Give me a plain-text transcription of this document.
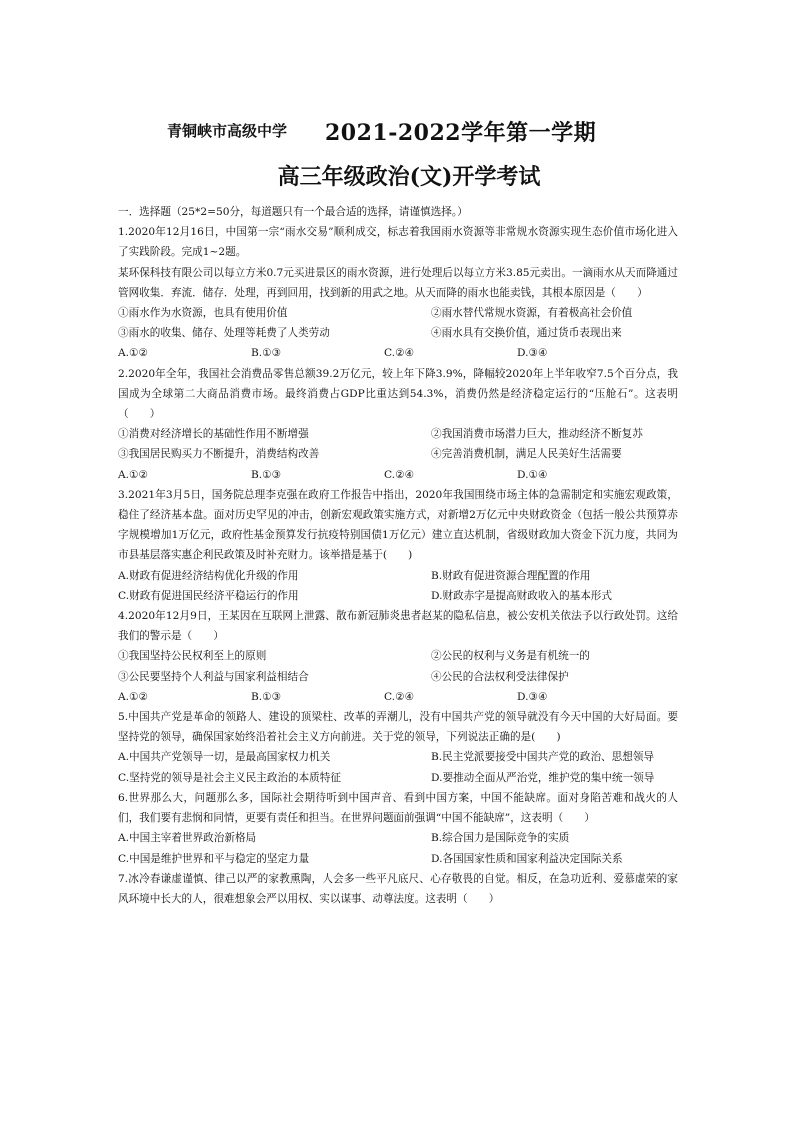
青铜峡市高级中学 2021-2022学年第一学期
高三年级政治(文)开学考试
一．选择题（25*2=50分，每道题只有一个最合适的选择，请谨慎选择。）
1.2020年12月16日，中国第一宗“雨水交易”顺利成交，标志着我国雨水资源等非常规水资源实现生态价值市场化进入了实践阶段。完成1~2题。
某环保科技有限公司以每立方米0.7元买进景区的雨水资源，进行处理后以每立方米3.85元卖出。一滴雨水从天而降通过管网收集．弃流．储存．处理，再到回用，找到新的用武之地。从天而降的雨水也能卖钱，其根本原因是（　　）
①雨水作为水资源，也具有使用价值	②雨水替代常规水资源，有着极高社会价值
③雨水的收集、储存、处理等耗费了人类劳动	④雨水具有交换价值，通过货币表现出来
A.①②	B.①③	C.②④	D.③④
2.2020年全年，我国社会消费品零售总额39.2万亿元，较上年下降3.9%，降幅较2020年上半年收窄7.5个百分点，我国成为全球第二大商品消费市场。最终消费占GDP比重达到54.3%，消费仍然是经济稳定运行的“压舱石”。这表明（　　）
①消费对经济增长的基础性作用不断增强	②我国消费市场潜力巨大，推动经济不断复苏
③我国居民购买力不断提升，消费结构改善	④完善消费机制，满足人民美好生活需要
A.①②	B.①③	C.②④	D.①④
3.2021年3月5日，国务院总理李克强在政府工作报告中指出，2020年我国围绕市场主体的急需制定和实施宏观政策，稳住了经济基本盘。面对历史罕见的冲击，创新宏观政策实施方式，对新增2万亿元中央财政资金（包括一般公共预算赤字规模增加1万亿元，政府性基金预算发行抗疫特别国债1万亿元）建立直达机制，省级财政加大资金下沉力度，共同为市县基层落实惠企利民政策及时补充财力。该举措是基于(　　)
A.财政有促进经济结构优化升级的作用	B.财政有促进资源合理配置的作用
C.财政有促进国民经济平稳运行的作用	D.财政赤字是提高财政收入的基本形式
4.2020年12月9日，王某因在互联网上泄露、散布新冠肺炎患者赵某的隐私信息，被公安机关依法予以行政处罚。这给我们的警示是（　　）
①我国坚持公民权利至上的原则	②公民的权利与义务是有机统一的
③公民要坚持个人利益与国家利益相结合	④公民的合法权利受法律保护
A.①②	B.①③	C.②④	D.③④
5.中国共产党是革命的领路人、建设的顶梁柱、改革的弄潮儿，没有中国共产党的领导就没有今天中国的大好局面。要坚持党的领导，确保国家始终沿着社会主义方向前进。关于党的领导，下列说法正确的是(　　)
A.中国共产党领导一切，是最高国家权力机关	B.民主党派要接受中国共产党的政治、思想领导
C.坚持党的领导是社会主义民主政治的本质特征	D.要推动全面从严治党，维护党的集中统一领导
6.世界那么大，问题那么多，国际社会期待听到中国声音、看到中国方案，中国不能缺席。面对身陷苦难和战火的人们，我们要有悲悯和同情，更要有责任和担当。在世界问题面前强调“中国不能缺席”，这表明（　　）
A.中国主宰着世界政治新格局	B.综合国力是国际竞争的实质
C.中国是维护世界和平与稳定的坚定力量	D.各国国家性质和国家利益决定国际关系
7.冰冷春谦虚谨慎、律己以严的家教熏陶，人会多一些平凡底尺、心存敬畏的自觉。相反，在急功近利、爱慕虚荣的家风环境中长大的人，很难想象会严以用权、实以谋事、动尊法度。这表明（　　）
